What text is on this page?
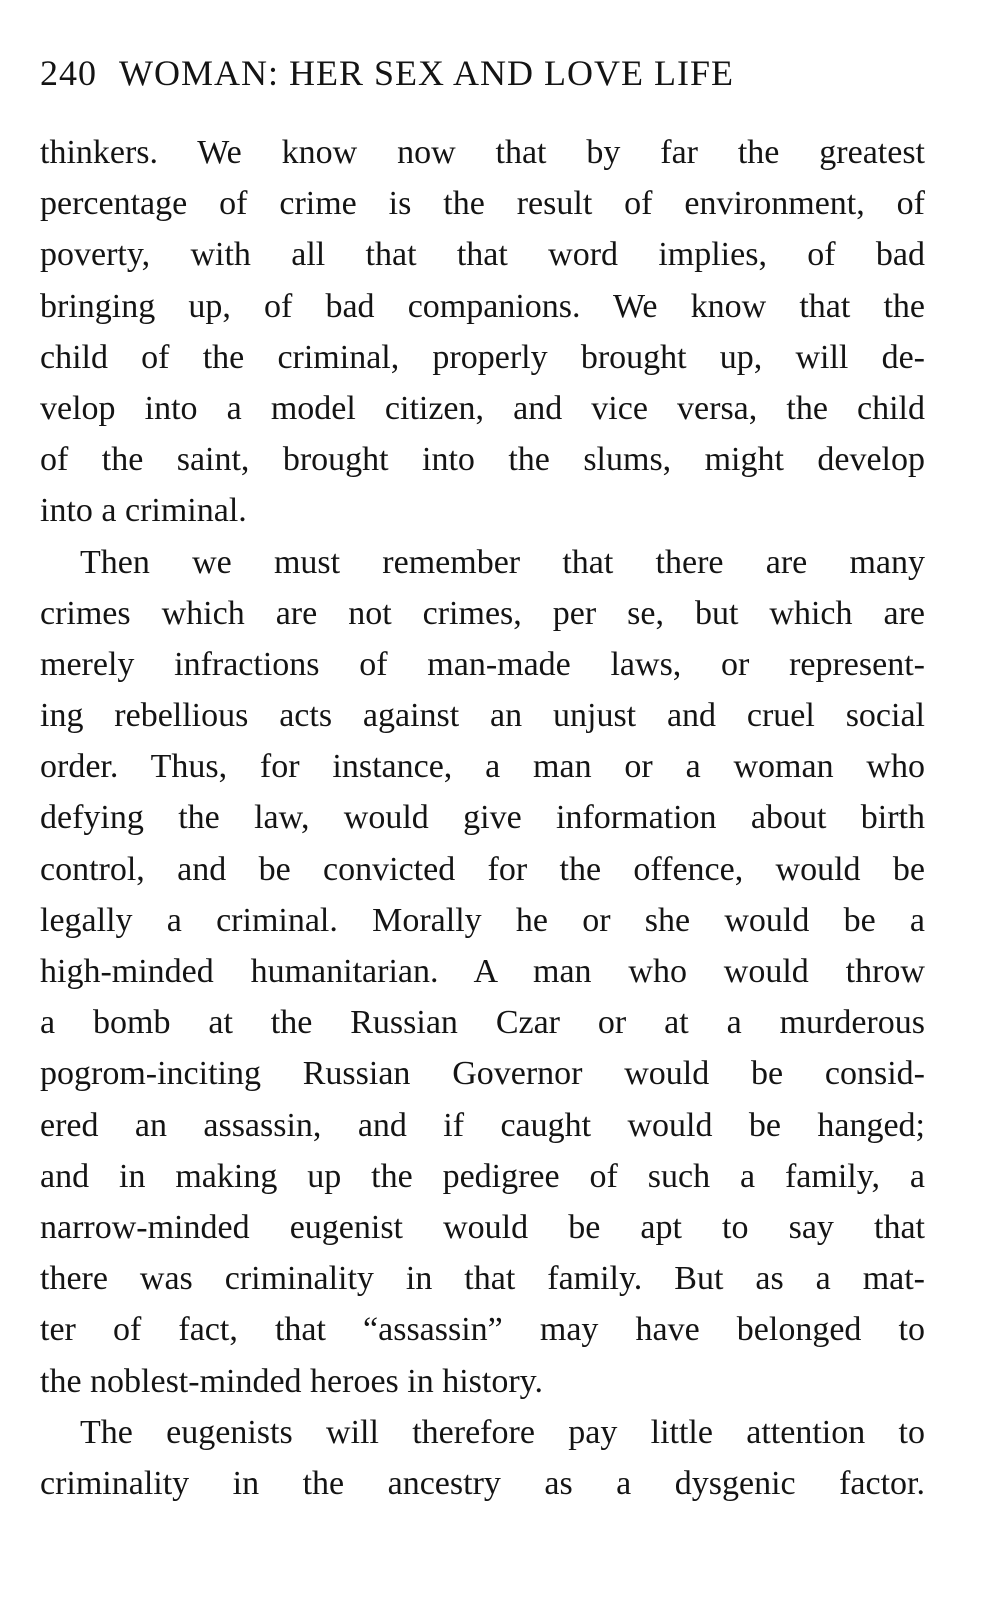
240 WOMAN: HER SEX AND LOVE LIFE
thinkers. We know now that by far the greatest
percentage of crime is the result of environment, of
poverty, with all that that word implies, of bad
bringing up, of bad companions. We know that the
child of the criminal, properly brought up, will de-
velop into a model citizen, and vice versa, the child
of the saint, brought into the slums, might develop
into a criminal.
Then we must remember that there are many
crimes which are not crimes, per se, but which are
merely infractions of man-made laws, or represent-
ing rebellious acts against an unjust and cruel social
order. Thus, for instance, a man or a woman who
defying the law, would give information about birth
control, and be convicted for the offence, would be
legally a criminal. Morally he or she would be a
high-minded humanitarian. A man who would throw
a bomb at the Russian Czar or at a murderous
pogrom-inciting Russian Governor would be consid-
ered an assassin, and if caught would be hanged;
and in making up the pedigree of such a family, a
narrow-minded eugenist would be apt to say that
there was criminality in that family. But as a mat-
ter of fact, that “assassin” may have belonged to
the noblest-minded heroes in history.
The eugenists will therefore pay little attention to
criminality in the ancestry as a dysgenic factor.
